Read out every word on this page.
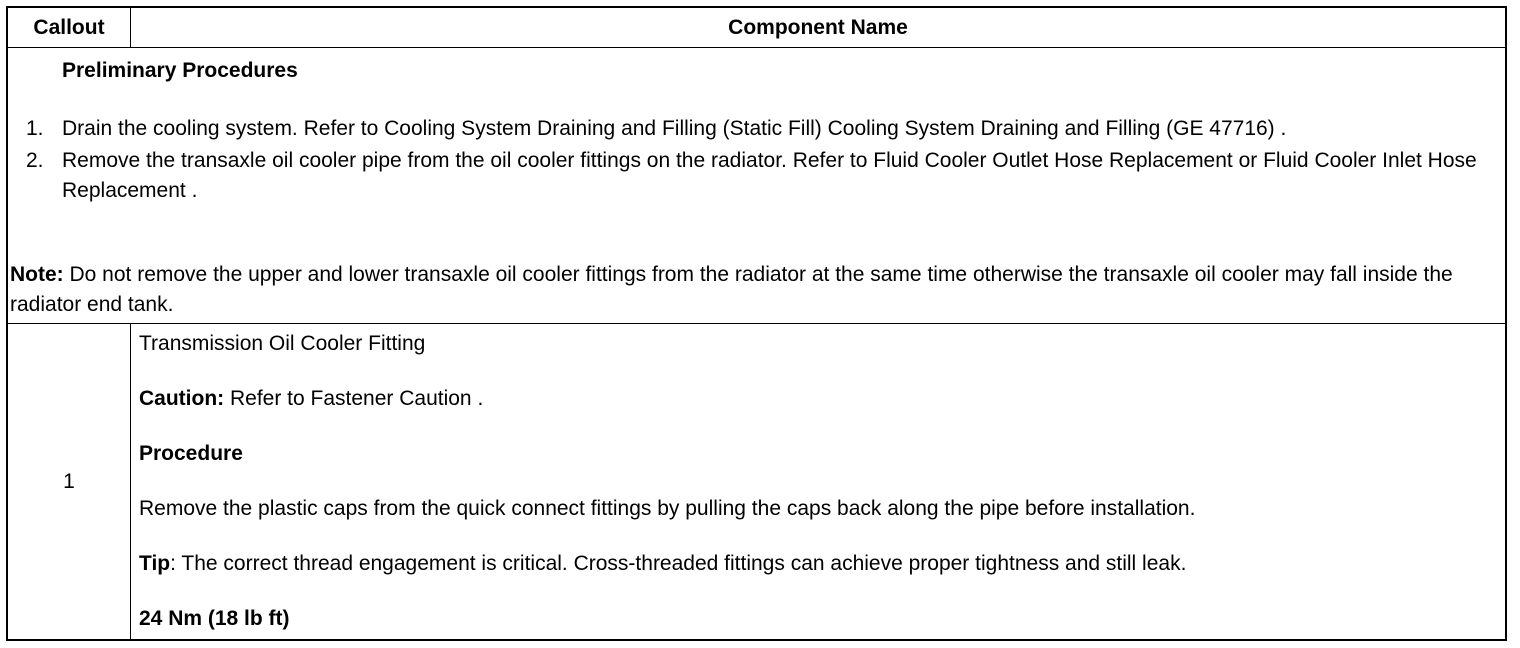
Callout	Component Name
Preliminary Procedures
1. Drain the cooling system. Refer to Cooling System Draining and Filling (Static Fill) Cooling System Draining and Filling (GE 47716) .
2. Remove the transaxle oil cooler pipe from the oil cooler fittings on the radiator. Refer to Fluid Cooler Outlet Hose Replacement or Fluid Cooler Inlet Hose Replacement .
Note: Do not remove the upper and lower transaxle oil cooler fittings from the radiator at the same time otherwise the transaxle oil cooler may fall inside the radiator end tank.
1

Transmission Oil Cooler Fitting

Caution: Refer to Fastener Caution .

Procedure

Remove the plastic caps from the quick connect fittings by pulling the caps back along the pipe before installation.

Tip: The correct thread engagement is critical. Cross-threaded fittings can achieve proper tightness and still leak.

24 Nm (18 lb ft)
